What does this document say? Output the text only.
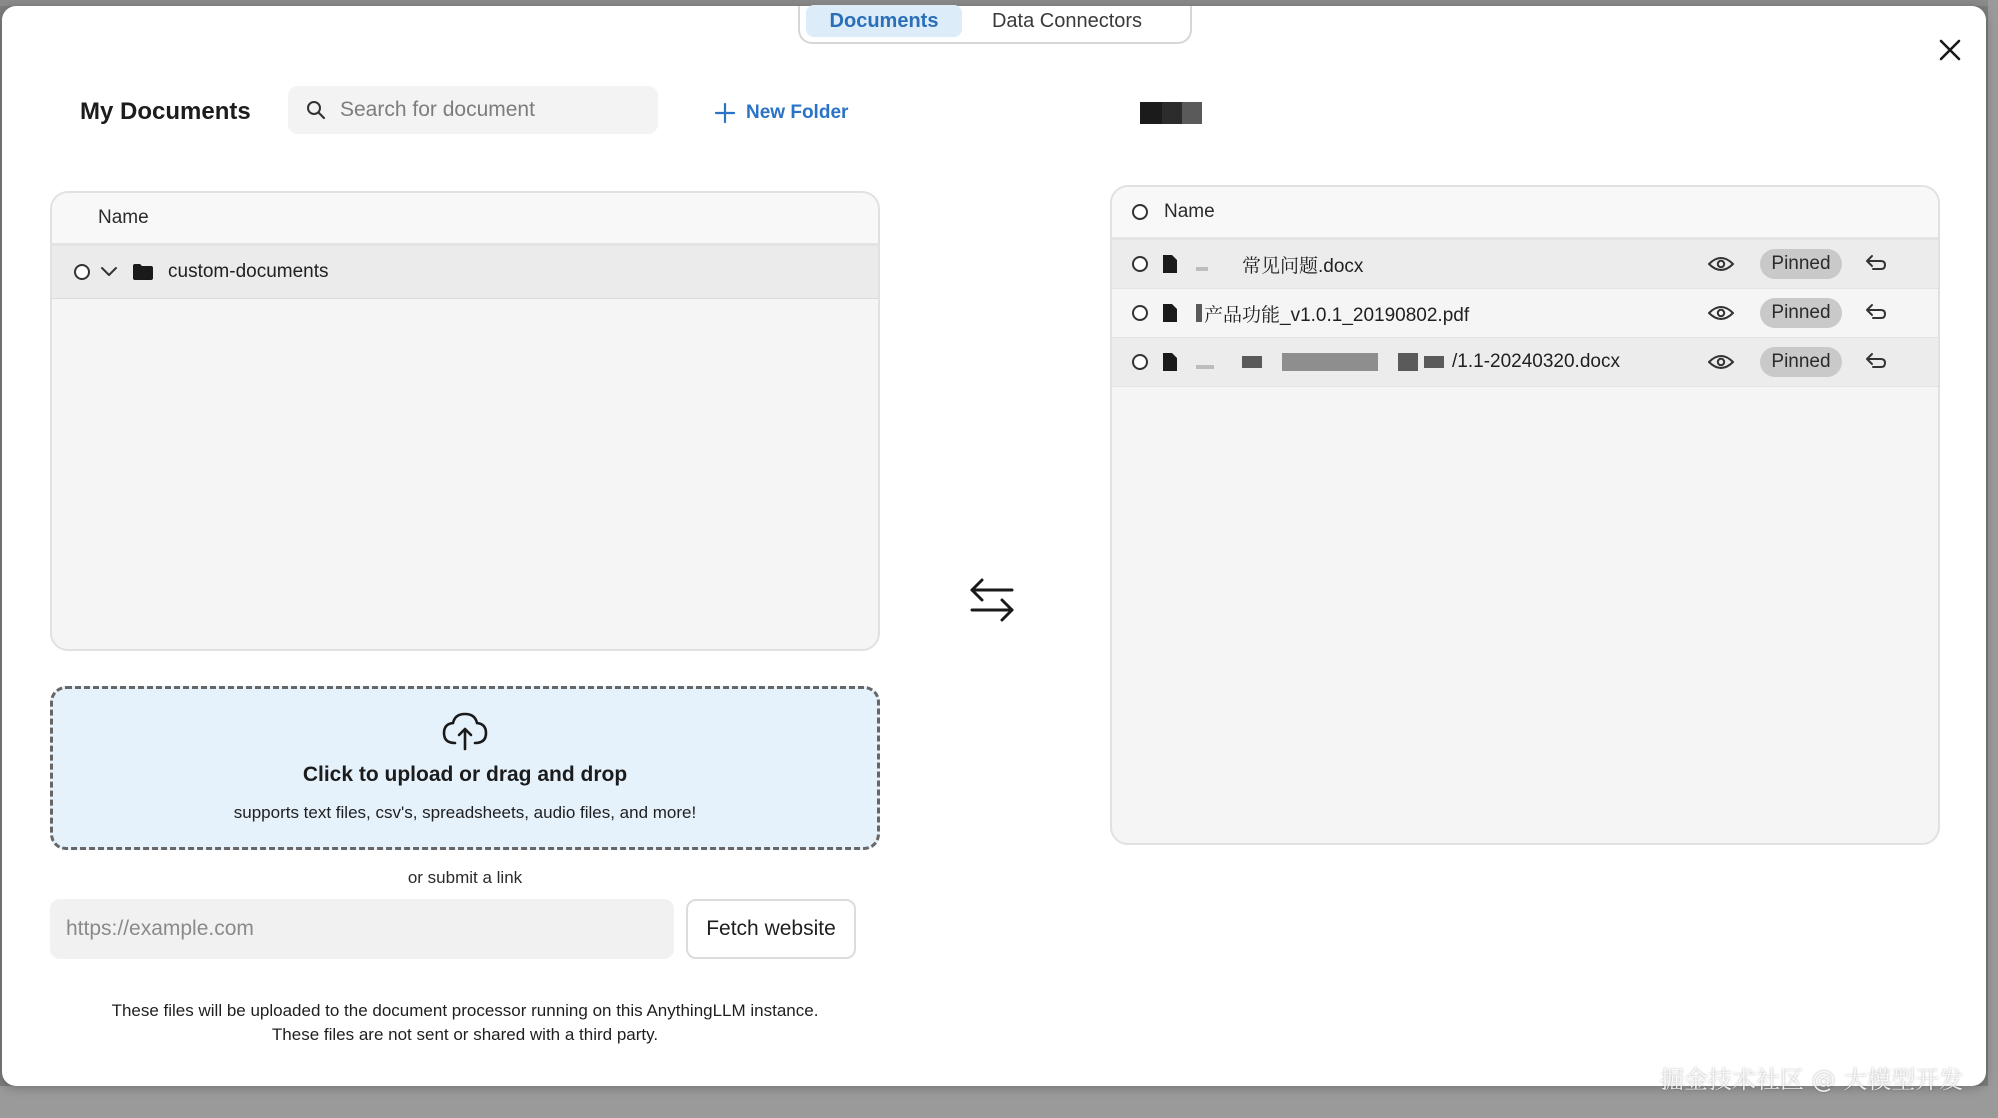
Documents	Data Connectors
My Documents
Search for document	New Folder
Name
custom-documents
Name
常见问题.docx	Pinned
产品功能_v1.0.1_20190802.pdf	Pinned
/1.1-20240320.docx	Pinned
Click to upload or drag and drop
supports text files, csv's, spreadsheets, audio files, and more!
or submit a link
https://example.com
Fetch website
These files will be uploaded to the document processor running on this AnythingLLM instance.
These files are not sent or shared with a third party.
掘金技术社区 @ 大模型开发
